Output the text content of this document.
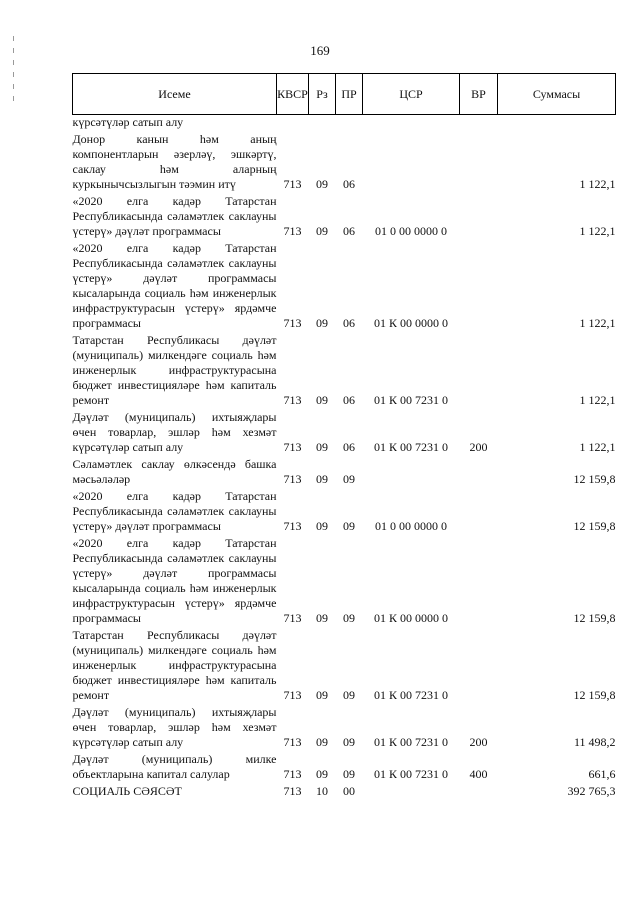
169
Исеме	КВСР	Рз	ПР	ЦСР	ВР	Суммасы
күрсәтүләр сатып алу						
Донор канын һәм аның компонентларын әзерләү, эшкәртү, саклау һәм аларның куркынычсызлыгын тәэмин итү	713	09	06			1 122,1
«2020 елга кадәр Татарстан Республикасында сәламәтлек саклауны үстерү» дәүләт программасы	713	09	06	01 0 00 0000 0		1 122,1
«2020 елга кадәр Татарстан Республикасында сәламәтлек саклауны үстерү» дәүләт программасы кысаларында социаль һәм инженерлык инфраструктурасын үстерү» ярдәмче программасы	713	09	06	01 К 00 0000 0		1 122,1
Татарстан Республикасы дәүләт (муниципаль) милкендәге социаль һәм инженерлык инфраструктурасына бюджет инвестицияләре һәм капиталь ремонт	713	09	06	01 К 00 7231 0		1 122,1
Дәүләт (муниципаль) ихтыяҗлары өчен товарлар, эшләр һәм хезмәт күрсәтүләр сатып алу	713	09	06	01 К 00 7231 0	200	1 122,1
Сәламәтлек саклау өлкәсендә башка мәсьәләләр	713	09	09			12 159,8
«2020 елга кадәр Татарстан Республикасында сәламәтлек саклауны үстерү» дәүләт программасы	713	09	09	01 0 00 0000 0		12 159,8
«2020 елга кадәр Татарстан Республикасында сәламәтлек саклауны үстерү» дәүләт программасы кысаларында социаль һәм инженерлык инфраструктурасын үстерү» ярдәмче программасы	713	09	09	01 К 00 0000 0		12 159,8
Татарстан Республикасы дәүләт (муниципаль) милкендәге социаль һәм инженерлык инфраструктурасына бюджет инвестицияләре һәм капиталь ремонт	713	09	09	01 К 00 7231 0		12 159,8
Дәүләт (муниципаль) ихтыяҗлары өчен товарлар, эшләр һәм хезмәт күрсәтүләр сатып алу	713	09	09	01 К 00 7231 0	200	11 498,2
Дәүләт (муниципаль) милке объектларына капитал салулар	713	09	09	01 К 00 7231 0	400	661,6
СОЦИАЛЬ СӘЯСӘТ	713	10	00			392 765,3
